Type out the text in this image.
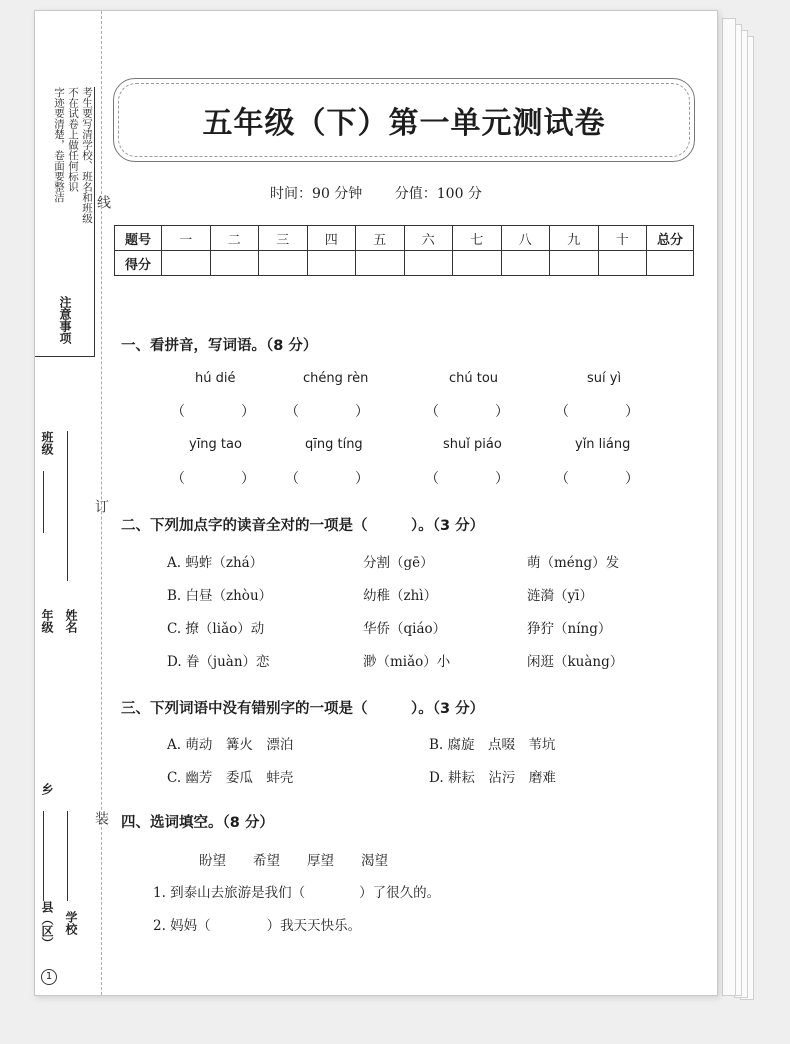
考生要写清学校、班名和班级
不在试卷上做任何标识
字迹要清楚，卷面要整洁
注意事项
线
班级
订
年级 姓名
乡
装
县（区） 学校
1
五年级（下）第一单元测试卷
时间：90 分钟 分值：100 分
题号	一	二	三	四	五	六	七	八	九	十	总分
得分											
一、看拼音，写词语。（8 分）
hú dié	chéng rèn	chú tou	suí yì
（　　　　） （　　　　）	（　　　　）	（　　　　）
yīng tao	qīng tíng	shuǐ piáo	yǐn liáng
（　　　　） （　　　　）	（　　　　）	（　　　　）
二、下列加点字的读音全对的一项是（　　　）。（3 分）
A. 蚂蚱（zhá）	分割（gē）	萌（méng）发
B. 白昼（zhòu）	幼稚（zhì）	涟漪（yī）
C. 撩（liǎo）动	华侨（qiáo）	狰狞（níng）
D. 眷（juàn）恋	渺（miǎo）小	闲逛（kuàng）
三、下列词语中没有错别字的一项是（　　　）。（3 分）
A. 萌动　篝火　漂泊	B. 腐旋　点啜　苇坑
C. 幽芳　委瓜　蚌壳	D. 耕耘　沾污　磨难
四、选词填空。（8 分）
盼望　　希望　　厚望　　渴望
1. 到泰山去旅游是我们（	）了很久的。
2. 妈妈（	）我天天快乐。
